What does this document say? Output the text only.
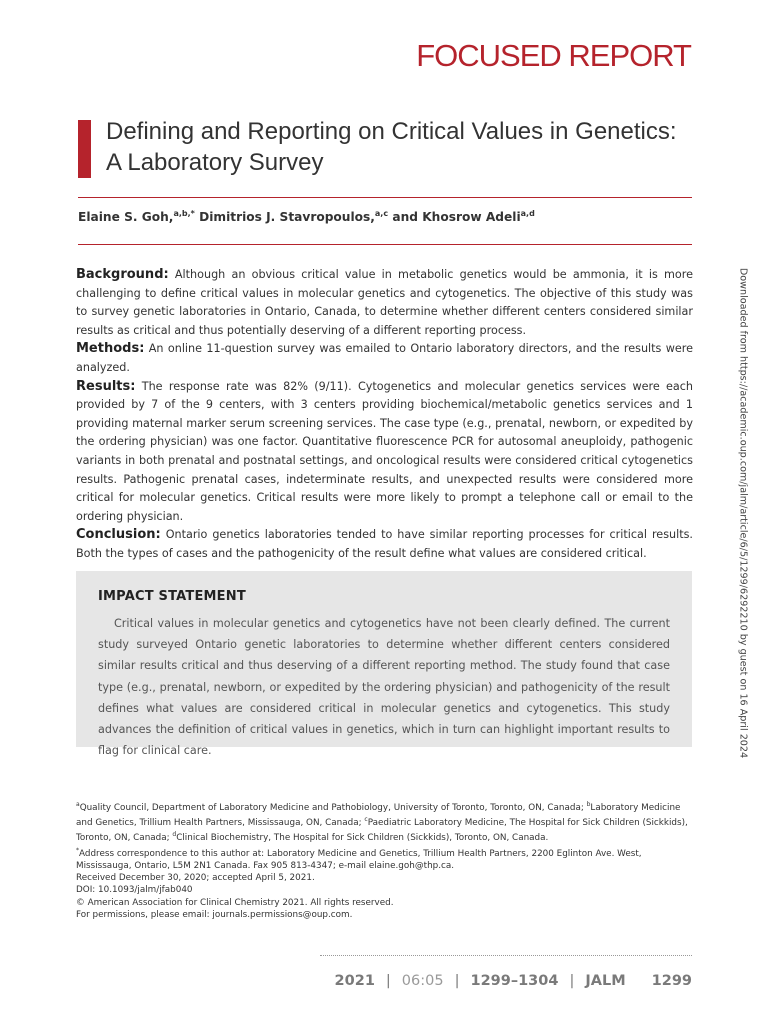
FOCUSED REPORT
Defining and Reporting on Critical Values in Genetics: A Laboratory Survey
Elaine S. Goh,$^{a,b,*}$ Dimitrios J. Stavropoulos,$^{a,c}$ and Khosrow Adeli$^{a,d}$

Background: Although an obvious critical value in metabolic genetics would be ammonia, it is more challenging to define critical values in molecular genetics and cytogenetics. The objective of this study was to survey genetic laboratories in Ontario, Canada, to determine whether different centers considered similar results as critical and thus potentially deserving of a different reporting process.

Methods: An online 11-question survey was emailed to Ontario laboratory directors, and the results were analyzed.

Results: The response rate was 82% (9/11). Cytogenetics and molecular genetics services were each provided by 7 of the 9 centers, with 3 centers providing biochemical/metabolic genetics services and 1 providing maternal marker serum screening services. The case type (e.g., prenatal, newborn, or expedited by the ordering physician) was one factor. Quantitative fluorescence PCR for autosomal aneuploidy, pathogenic variants in both prenatal and postnatal settings, and oncological results were considered critical cytogenetics results. Pathogenic prenatal cases, indeterminate results, and unexpected results were considered more critical for molecular genetics. Critical results were more likely to prompt a telephone call or email to the ordering physician.

Conclusion: Ontario genetics laboratories tended to have similar reporting processes for critical results. Both the types of cases and the pathogenicity of the result define what values are considered critical.

IMPACT STATEMENT

Critical values in molecular genetics and cytogenetics have not been clearly defined. The current study surveyed Ontario genetic laboratories to determine whether different centers considered similar results critical and thus deserving of a different reporting method. The study found that case type (e.g., prenatal, newborn, or expedited by the ordering physician) and pathogenicity of the result defines what values are considered critical in molecular genetics and cytogenetics. This study advances the definition of critical values in genetics, which in turn can highlight important results to flag for clinical care.	Downloaded from https://academic.oup.com/jalm/article/6/5/1299/6292210 by guest on 16 April 2024

$^a$Quality Council, Department of Laboratory Medicine and Pathobiology, University of Toronto, Toronto, ON, Canada; $^b$Laboratory Medicine and Genetics, Trillium Health Partners, Mississauga, ON, Canada; $^c$Paediatric Laboratory Medicine, The Hospital for Sick Children (Sickkids), Toronto, ON, Canada; $^d$Clinical Biochemistry, The Hospital for Sick Children (Sickkids), Toronto, ON, Canada.

*Address correspondence to this author at: Laboratory Medicine and Genetics, Trillium Health Partners, 2200 Eglinton Ave. West, Mississauga, Ontario, L5M 2N1 Canada. Fax 905 813-4347; e-mail elaine.goh@thp.ca.

Received December 30, 2020; accepted April 5, 2021.

DOI: 10.1093/jalm/jfab040

© American Association for Clinical Chemistry 2021. All rights reserved.

For permissions, please email: journals.permissions@oup.com.

2021 | 06:05 | 1299–1304 | JALM 1299
